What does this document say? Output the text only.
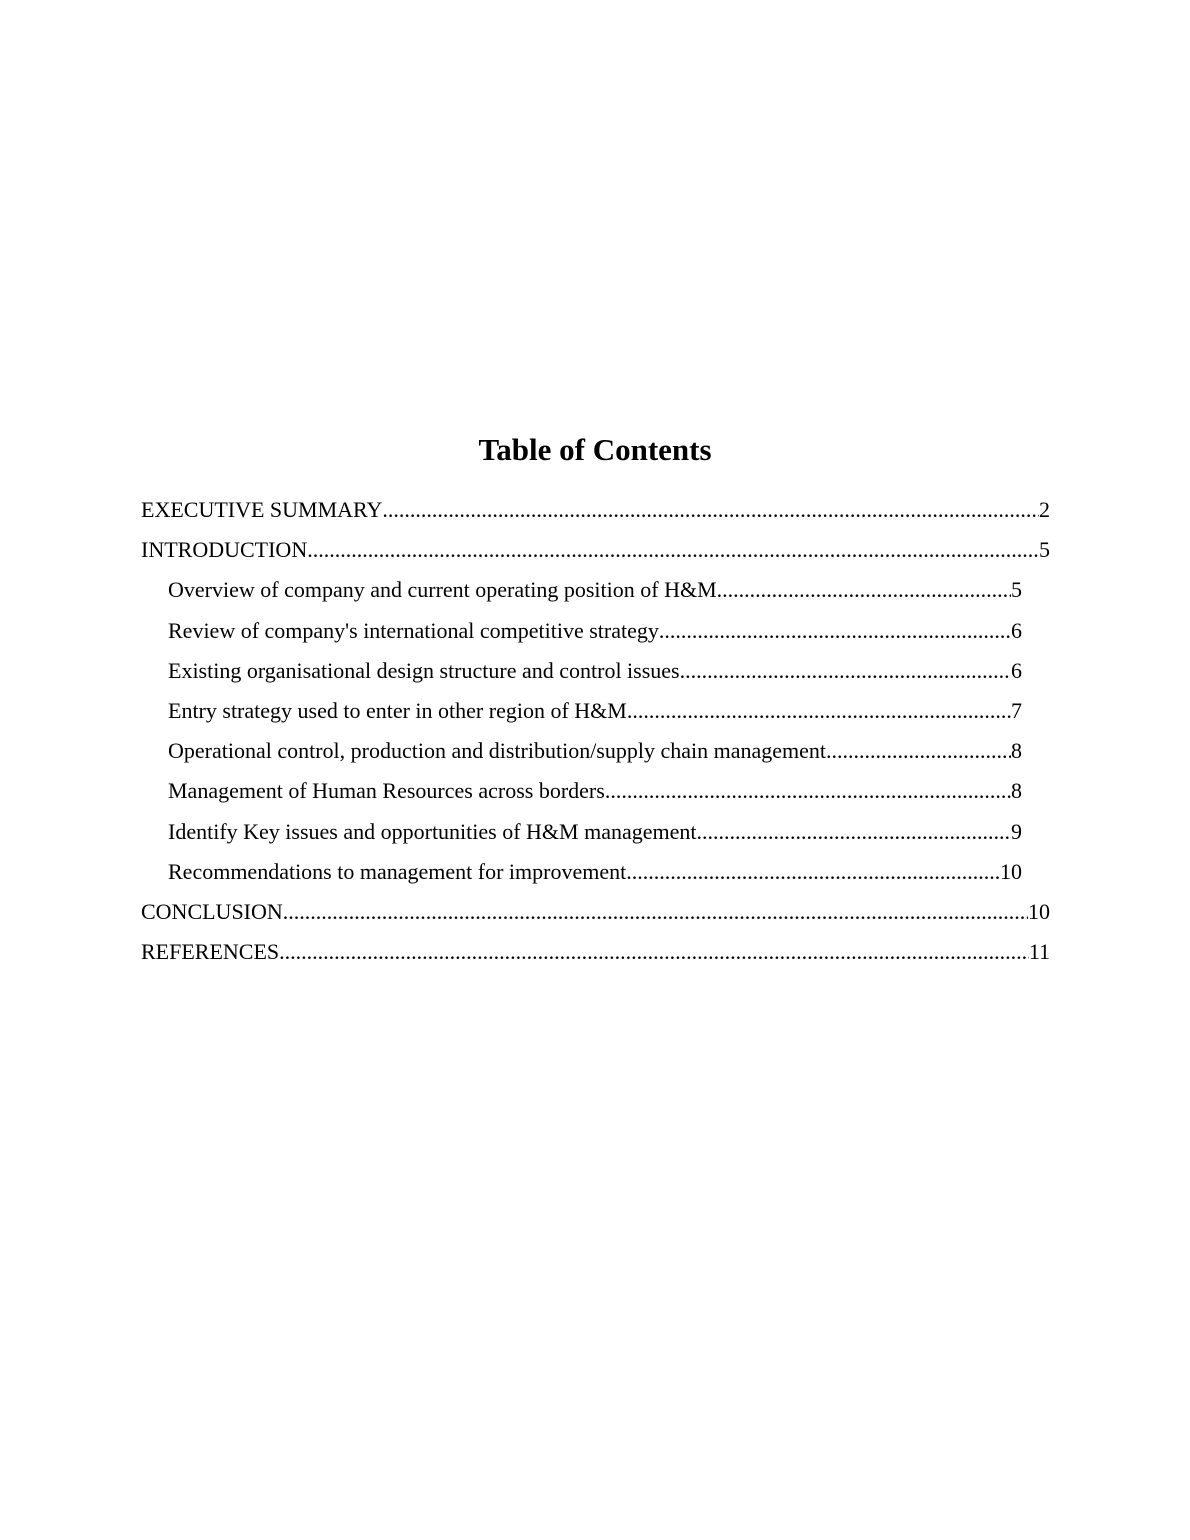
Table of Contents
EXECUTIVE SUMMARY .....	2
INTRODUCTION .....	5
Overview of company and current operating position of H&M .....	5
Review of company's international competitive strategy .....	6
Existing organisational design structure and control issues .....	6
Entry strategy used to enter in other region of H&M .....	7
Operational control, production and distribution/supply chain management .....	8
Management of Human Resources across borders .....	8
Identify Key issues and opportunities of H&M management .....	9
Recommendations to management for improvement .....	10
CONCLUSION .....	10
REFERENCES .....	11
